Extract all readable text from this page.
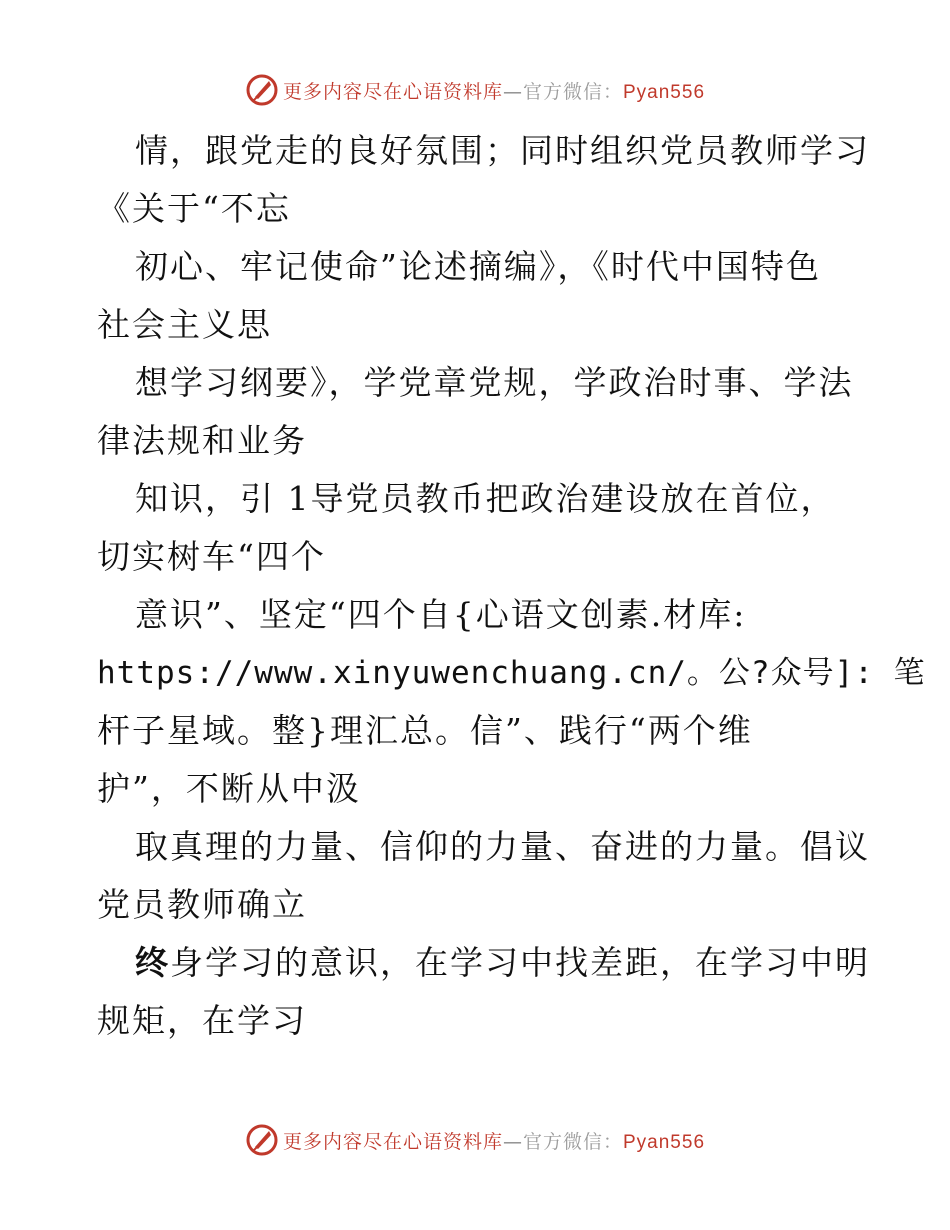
更多内容尽在心语资料库—官方微信：Pyan556
情，跟党走的良好氛围；同时组织党员教师学习
《关于“不忘
初心、牢记使命”论述摘编》，《时代中国特色
社会主义思
想学习纲要》，学党章党规，学政治时事、学法
律法规和业务
知识，引 1导党员教币把政治建设放在首位，
切实树车“四个
意识”、坚定“四个自{心语文创素.材库:
https://www.xinyuwenchuang.cn/。公?众号]: 笔
杆子星域。整}理汇总。信”、践行“两个维
护”，不断从中汲
取真理的力量、信仰的力量、奋进的力量。倡议
党员教师确立
终身学习的意识，在学习中找差距，在学习中明
规矩，在学习
更多内容尽在心语资料库—官方微信：Pyan556
